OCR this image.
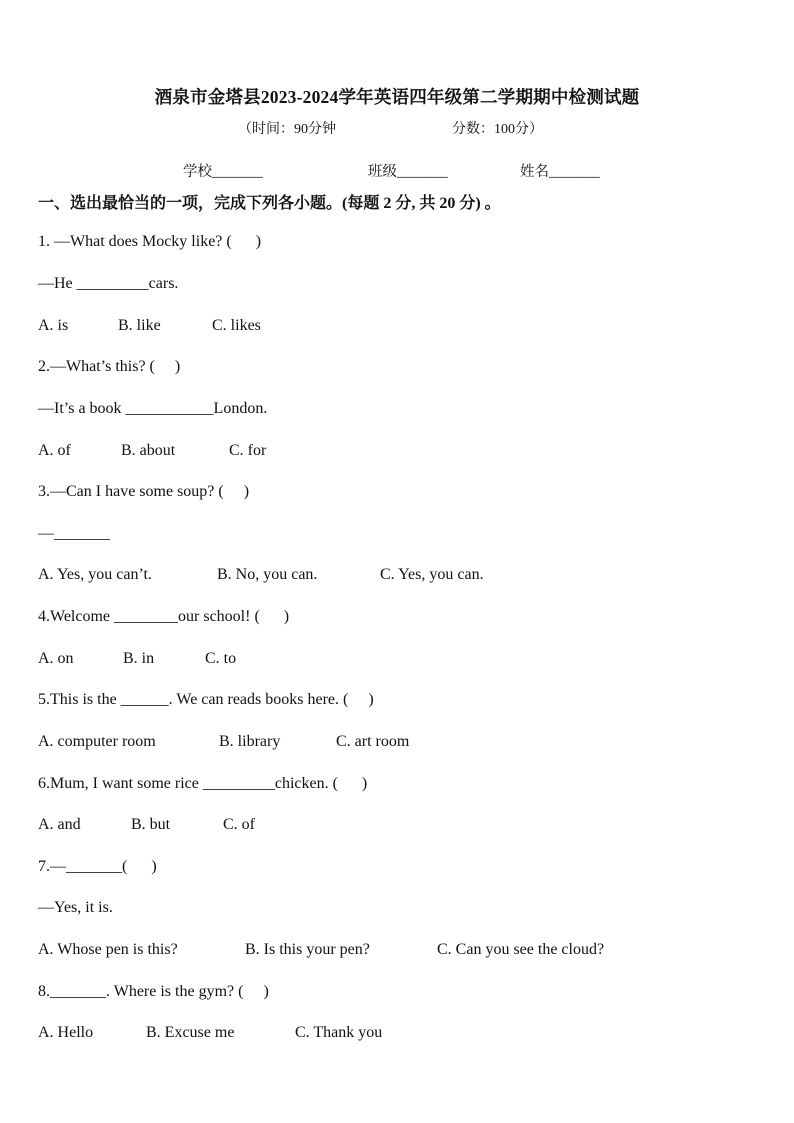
酒泉市金塔县2023-2024学年英语四年级第二学期期中检测试题
（时间：90分钟	分数：100分）
学校_______	班级_______	姓名_______
一、选出最恰当的一项，完成下列各小题。(每题 2 分, 共 20 分) 。
1. —What does Mocky like? (      )
—He _________cars.
A. is	B. like	C. likes
2.—What’s this? (     )
—It’s a book ___________London.
A. of	B. about	C. for
3.—Can I have some soup? (     )
—_______
A. Yes, you can’t.	B. No, you can.	C. Yes, you can.
4.Welcome ________our school! (      )
A. on	B. in	C. to
5.This is the ______. We can reads books here. (     )
A. computer room	B. library	C. art room
6.Mum, I want some rice _________chicken. (      )
A. and	B. but	C. of
7.—_______(      )
—Yes, it is.
A. Whose pen is this?	B. Is this your pen?	C. Can you see the cloud?
8._______. Where is the gym? (     )
A. Hello	B. Excuse me	C. Thank you
